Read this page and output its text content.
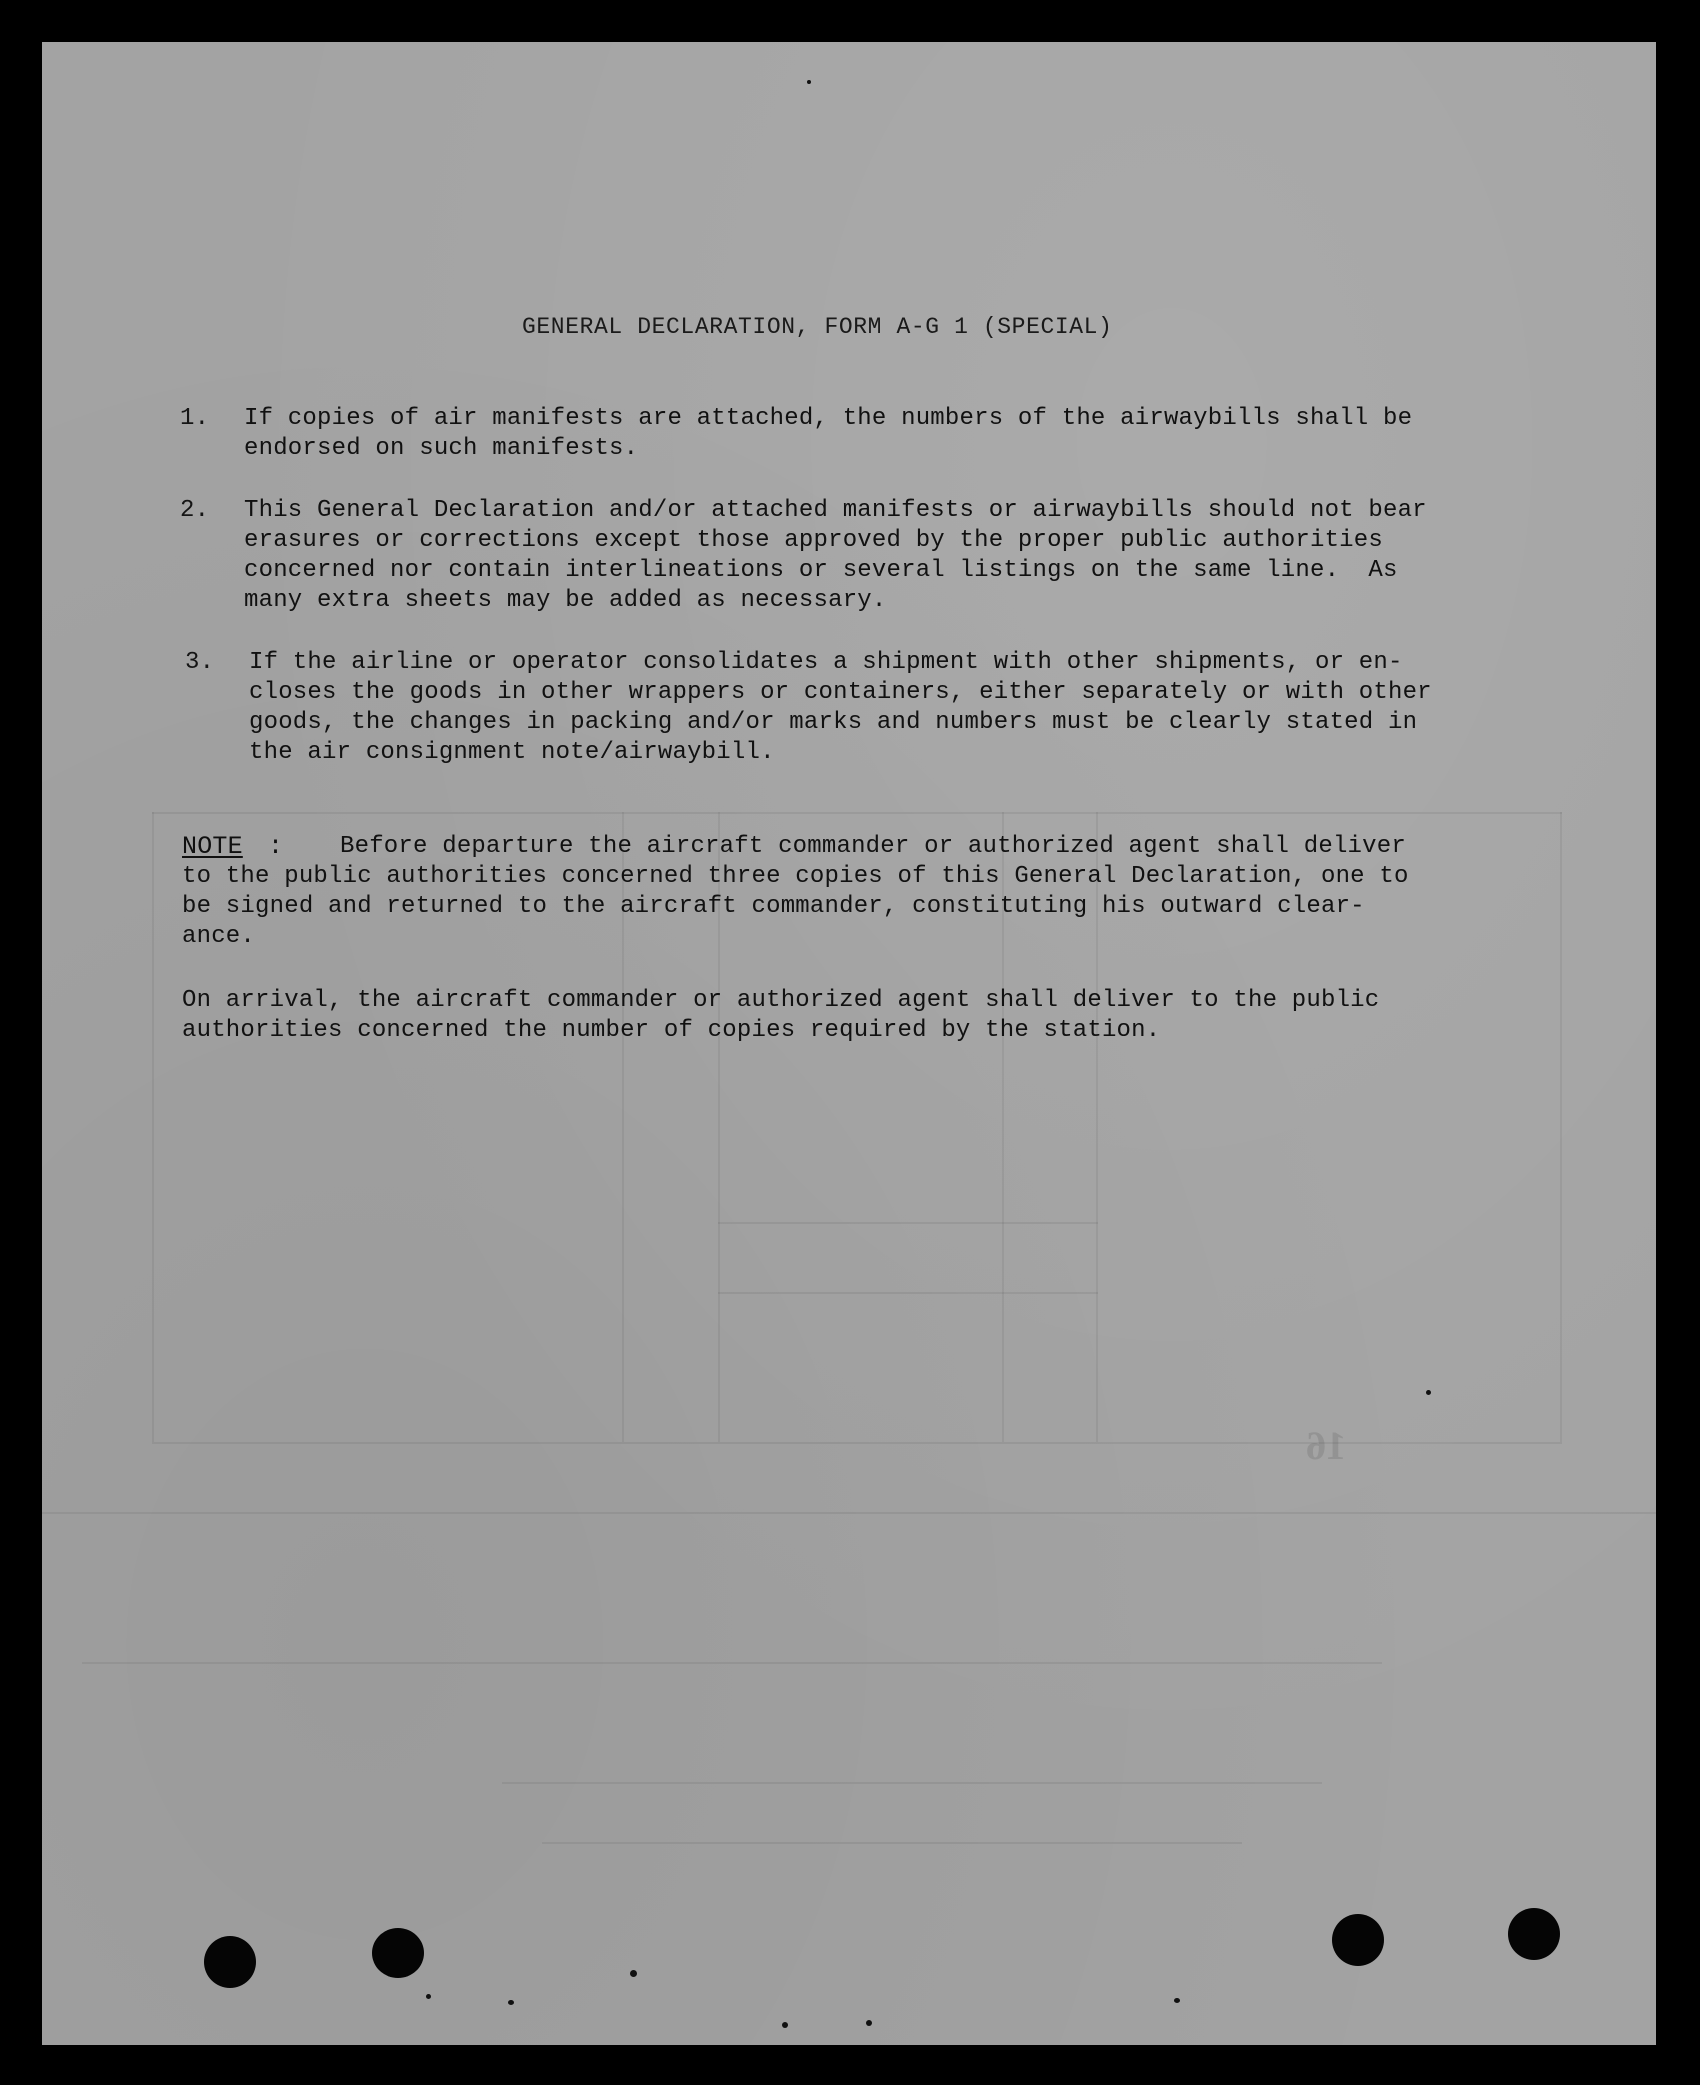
16
GENERAL DECLARATION, FORM A-G 1 (SPECIAL)
1. If copies of air manifests are attached, the numbers of the airwaybills shall be
endorsed on such manifests.
2. This General Declaration and/or attached manifests or airwaybills should not bear
erasures or corrections except those approved by the proper public authorities
concerned nor contain interlineations or several listings on the same line.  As
many extra sheets may be added as necessary.
3. If the airline or operator consolidates a shipment with other shipments, or en-
closes the goods in other wrappers or containers, either separately or with other
goods, the changes in packing and/or marks and numbers must be clearly stated in
the air consignment note/airwaybill.
NOTE : Before departure the aircraft commander or authorized agent shall deliver
to the public authorities concerned three copies of this General Declaration, one to
be signed and returned to the aircraft commander, constituting his outward clear-
ance.
On arrival, the aircraft commander or authorized agent shall deliver to the public
authorities concerned the number of copies required by the station.
